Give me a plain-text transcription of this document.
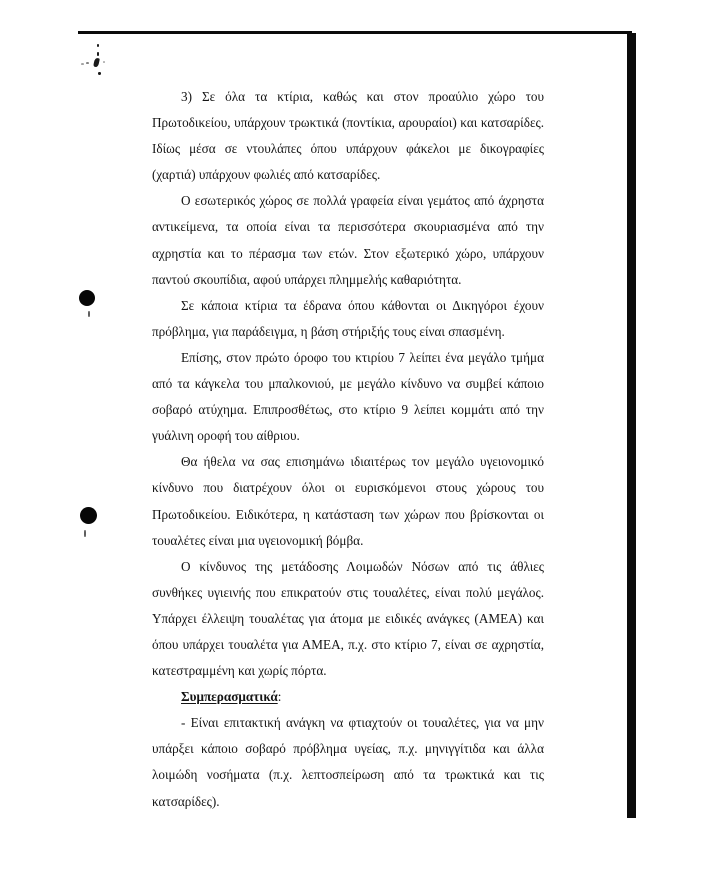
3) Σε όλα τα κτίρια, καθώς και στον προαύλιο χώρο του Πρωτοδικείου, υπάρχουν τρωκτικά (ποντίκια, αρουραίοι) και κατσαρίδες. Ιδίως μέσα σε ντουλάπες όπου υπάρχουν φάκελοι με δικογραφίες (χαρτιά) υπάρχουν φωλιές από κατσαρίδες.

Ο εσωτερικός χώρος σε πολλά γραφεία είναι γεμάτος από άχρηστα αντικείμενα, τα οποία είναι τα περισσότερα σκουριασμένα από την αχρηστία και το πέρασμα των ετών. Στον εξωτερικό χώρο, υπάρχουν παντού σκουπίδια, αφού υπάρχει πλημμελής καθαριότητα.

Σε κάποια κτίρια τα έδρανα όπου κάθονται οι Δικηγόροι έχουν πρόβλημα, για παράδειγμα, η βάση στήριξής τους είναι σπασμένη.

Επίσης, στον πρώτο όροφο του κτιρίου 7 λείπει ένα μεγάλο τμήμα από τα κάγκελα του μπαλκονιού, με μεγάλο κίνδυνο να συμβεί κάποιο σοβαρό ατύχημα. Επιπροσθέτως, στο κτίριο 9 λείπει κομμάτι από την γυάλινη οροφή του αίθριου.

Θα ήθελα να σας επισημάνω ιδιαιτέρως τον μεγάλο υγειονομικό κίνδυνο που διατρέχουν όλοι οι ευρισκόμενοι στους χώρους του Πρωτοδικείου. Ειδικότερα, η κατάσταση των χώρων που βρίσκονται οι τουαλέτες είναι μια υγειονομική βόμβα.

Ο κίνδυνος της μετάδοσης Λοιμωδών Νόσων από τις άθλιες συνθήκες υγιεινής που επικρατούν στις τουαλέτες, είναι πολύ μεγάλος. Υπάρχει έλλειψη τουαλέτας για άτομα με ειδικές ανάγκες (ΑΜΕΑ) και όπου υπάρχει τουαλέτα για ΑΜΕΑ, π.χ. στο κτίριο 7, είναι σε αχρηστία, κατεστραμμένη και χωρίς πόρτα.

Συμπερασματικά:

- Είναι επιτακτική ανάγκη να φτιαχτούν οι τουαλέτες, για να μην υπάρξει κάποιο σοβαρό πρόβλημα υγείας, π.χ. μηνιγγίτιδα και άλλα λοιμώδη νοσήματα (π.χ. λεπτοσπείρωση από τα τρωκτικά και τις κατσαρίδες).
